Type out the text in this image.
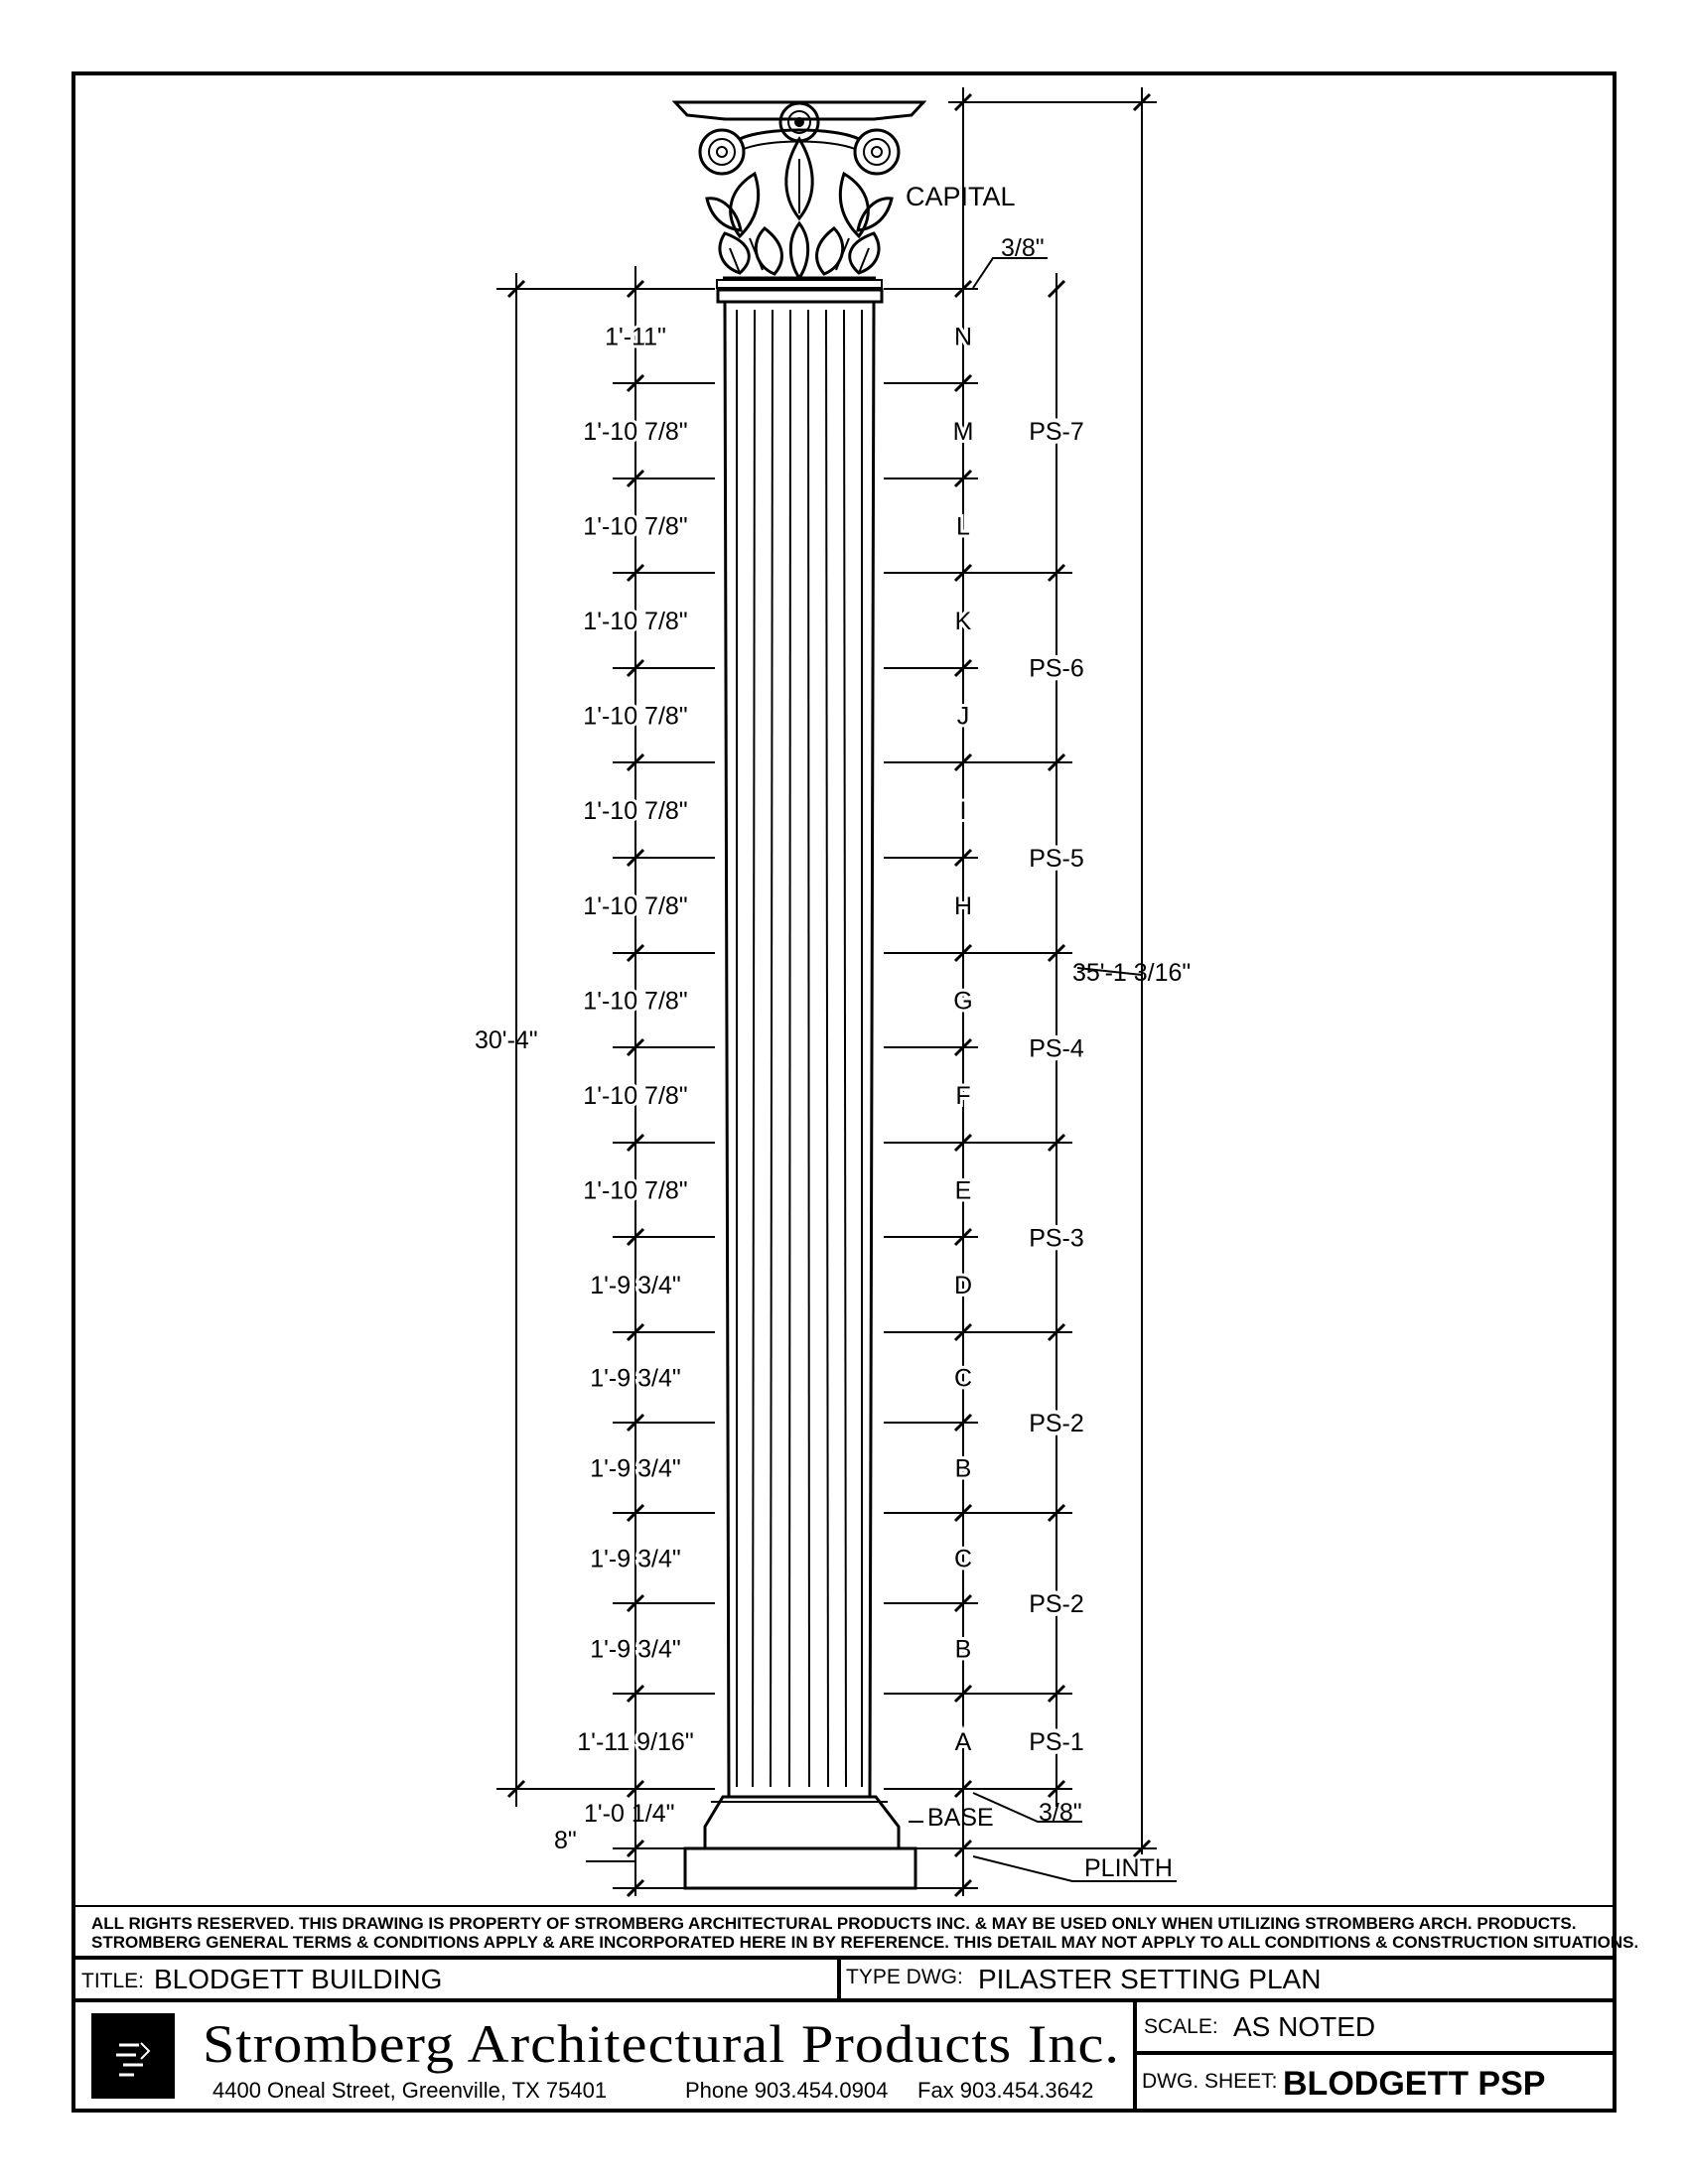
CAPITAL
3/8"
35'-1 3/16"
30'-4"
BASE 3/8"
1'-0 1/4"
8"
PLINTH
1'-11"
1'-10 7/8"
1'-10 7/8"
1'-10 7/8"
1'-10 7/8"
1'-10 7/8"
1'-10 7/8"
1'-10 7/8"
1'-10 7/8"
1'-10 7/8"
1'-9 3/4"
1'-9 3/4"
1'-9 3/4"
1'-9 3/4"
1'-9 3/4"
1'-11 9/16"
N
M
L
K
J
I
H
G
F
E
D
C
B
C
B
A
PS-7
PS-6
PS-5
PS-4
PS-3
PS-2
PS-2
PS-1
ALL RIGHTS RESERVED. THIS DRAWING IS PROPERTY OF STROMBERG ARCHITECTURAL PRODUCTS INC. & MAY BE USED ONLY WHEN UTILIZING STROMBERG ARCH. PRODUCTS.
STROMBERG GENERAL TERMS & CONDITIONS APPLY & ARE INCORPORATED HERE IN BY REFERENCE. THIS DETAIL MAY NOT APPLY TO ALL CONDITIONS & CONSTRUCTION SITUATIONS.
TITLE: BLODGETT BUILDING	TYPE DWG: PILASTER SETTING PLAN
Stromberg Architectural Products Inc.
4400 Oneal Street, Greenville, TX 75401	Phone 903.454.0904 Fax 903.454.3642
SCALE: AS NOTED
DWG. SHEET: BLODGETT PSP
